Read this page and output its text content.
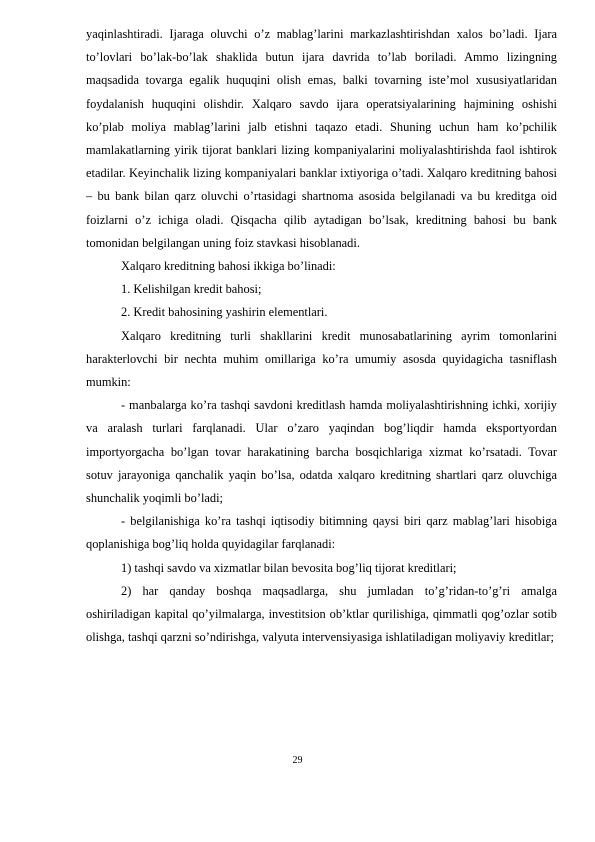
yaqinlashtiradi. Ijaraga oluvchi o’z mablag’larini markazlashtirishdan xalos bo’ladi. Ijara to’lovlari bo’lak-bo’lak shaklida butun ijara davrida to’lab boriladi. Ammo lizingning maqsadida tovarga egalik huquqini olish emas, balki tovarning iste’mol xususiyatlaridan foydalanish huquqini olishdir. Xalqaro savdo ijara operatsiyalarining hajmining oshishi ko’plab moliya mablag’larini jalb etishni taqazo etadi. Shuning uchun ham ko’pchilik mamlakatlarning yirik tijorat banklari lizing kompaniyalarini moliyalashtirishda faol ishtirok etadilar. Keyinchalik lizing kompaniyalari banklar ixtiyoriga o’tadi. Xalqaro kreditning bahosi – bu bank bilan qarz oluvchi o’rtasidagi shartnoma asosida belgilanadi va bu kreditga oid foizlarni o’z ichiga oladi. Qisqacha qilib aytadigan bo’lsak, kreditning bahosi bu bank tomonidan belgilangan uning foiz stavkasi hisoblanadi.

Xalqaro kreditning bahosi ikkiga bo’linadi:

1. Kelishilgan kredit bahosi;

2. Kredit bahosining yashirin elementlari.

Xalqaro kreditning turli shakllarini kredit munosabatlarining ayrim tomonlarini harakterlovchi bir nechta muhim omillariga ko’ra umumiy asosda quyidagicha tasniflash mumkin:

- manbalarga ko’ra tashqi savdoni kreditlash hamda moliyalashtirishning ichki, xorijiy va aralash turlari farqlanadi. Ular o’zaro yaqindan bog’liqdir hamda eksportyordan importyorgacha bo’lgan tovar harakatining barcha bosqichlariga xizmat ko’rsatadi. Tovar sotuv jarayoniga qanchalik yaqin bo’lsa, odatda xalqaro kreditning shartlari qarz oluvchiga shunchalik yoqimli bo’ladi;

- belgilanishiga ko’ra tashqi iqtisodiy bitimning qaysi biri qarz mablag’lari hisobiga qoplanishiga bog’liq holda quyidagilar farqlanadi:

1) tashqi savdo va xizmatlar bilan bevosita bog’liq tijorat kreditlari;

2) har qanday boshqa maqsadlarga, shu jumladan to’g’ridan-to’g’ri amalga oshiriladigan kapital qo’yilmalarga, investitsion ob’ktlar qurilishiga, qimmatli qog’ozlar sotib olishga, tashqi qarzni so’ndirishga, valyuta intervensiyasiga ishlatiladigan moliyaviy kreditlar;

29
